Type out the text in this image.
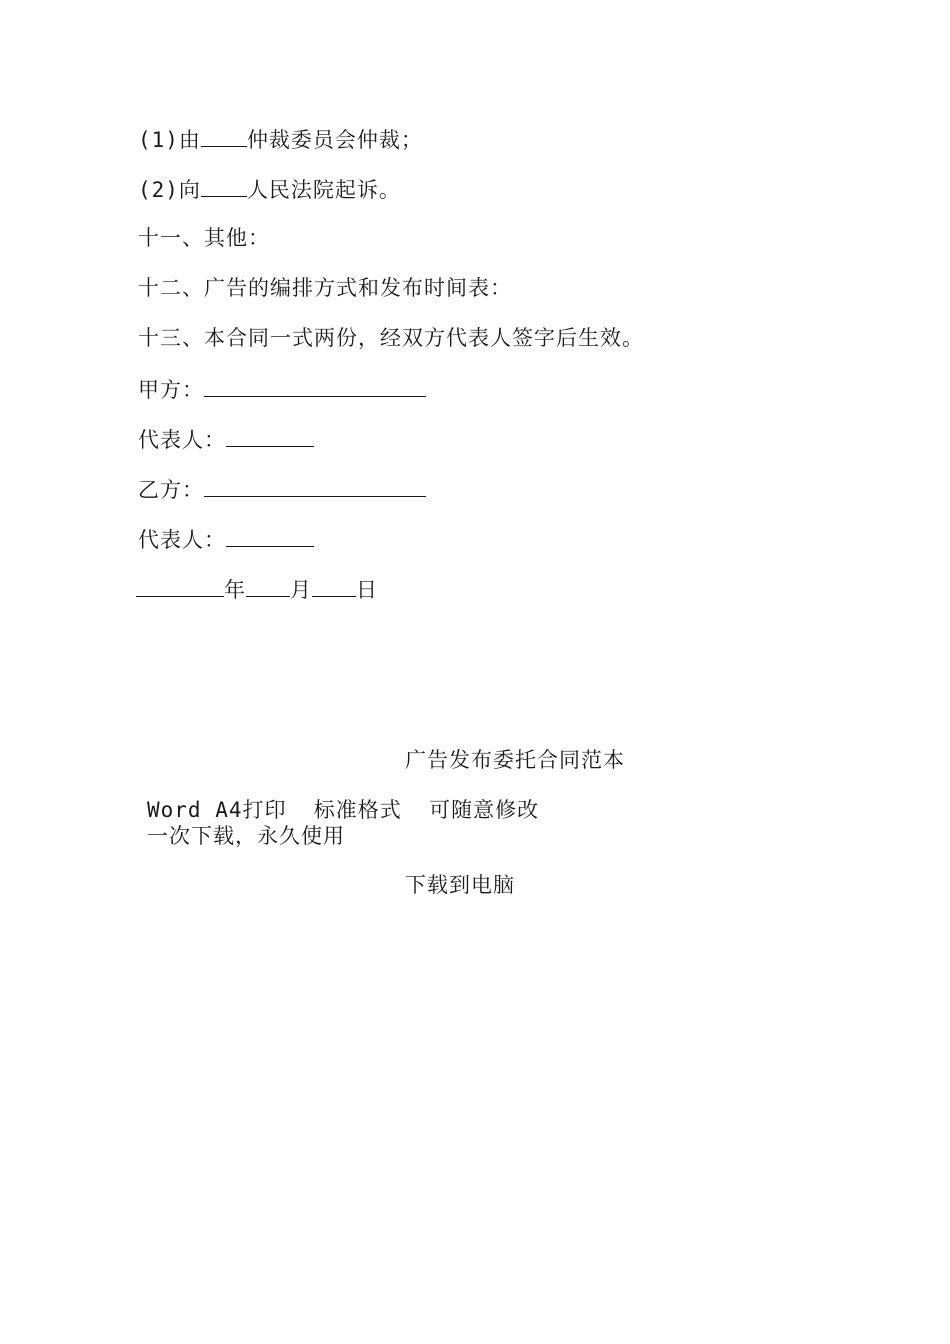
(1)由 仲裁委员会仲裁；
(2)向 人民法院起诉。
十一、其他：
十二、广告的编排方式和发布时间表：
十三、本合同一式两份，经双方代表人签字后生效。
甲方：
代表人：
乙方：
代表人：
年 月 日
广告发布委托合同范本
Word A4打印  标准格式  可随意修改
一次下载，永久使用
下载到电脑
